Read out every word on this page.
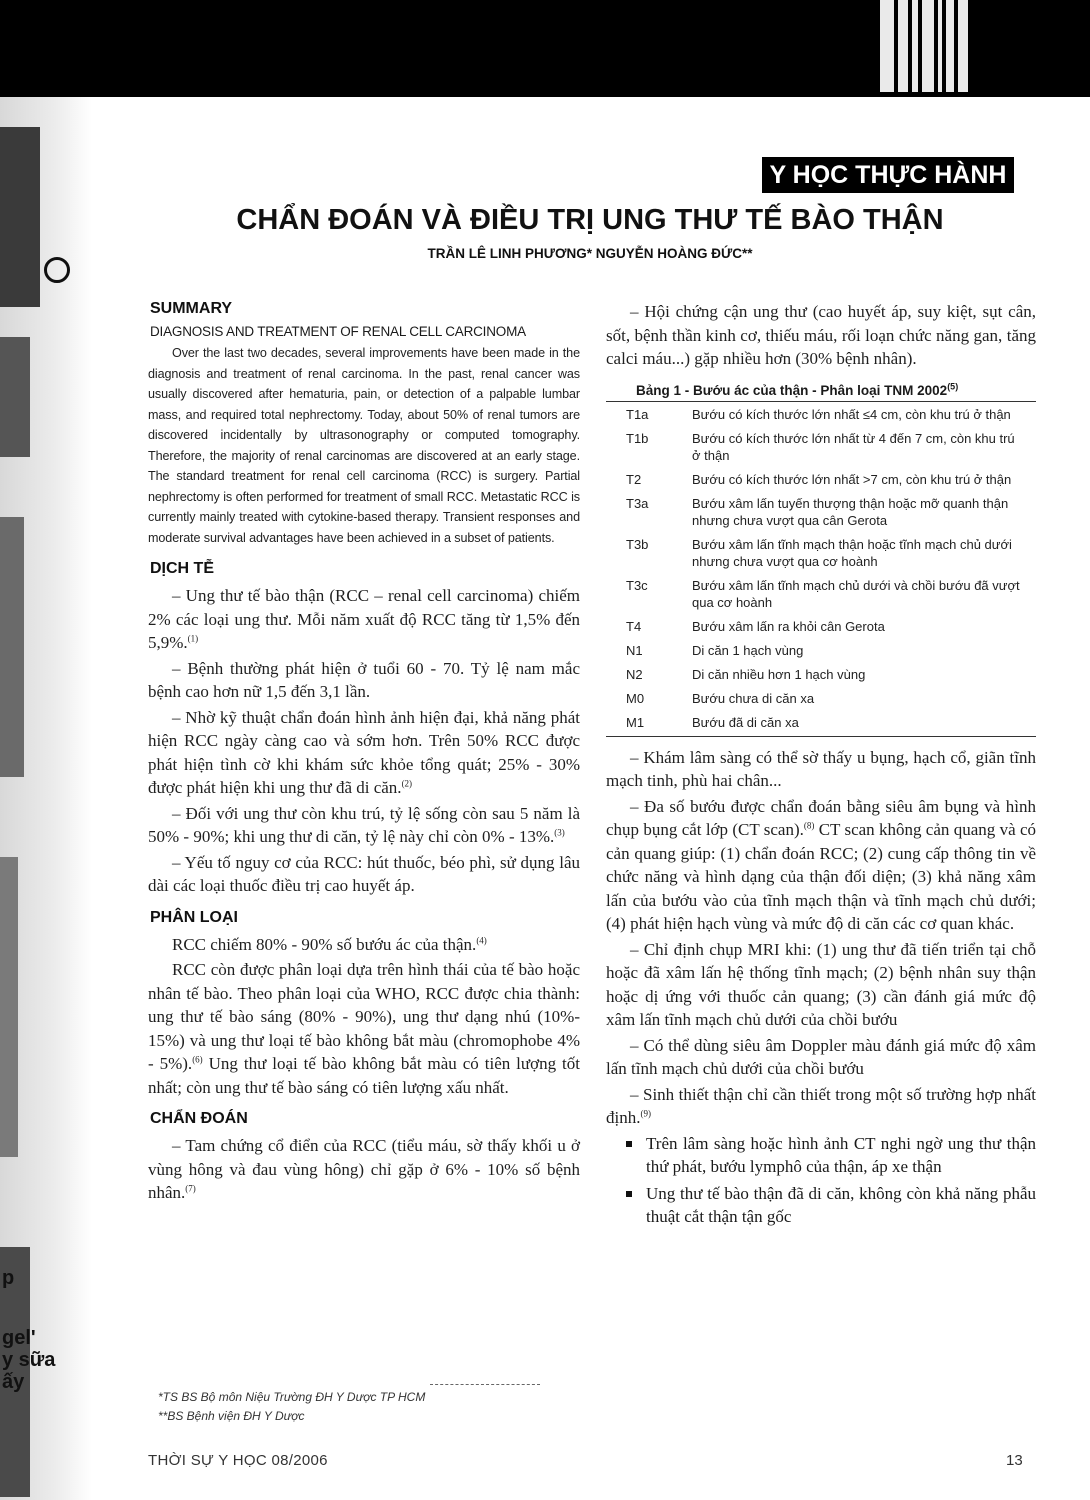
p
gel'
y sữa
ấy
Y HỌC THỰC HÀNH
CHẨN ĐOÁN VÀ ĐIỀU TRỊ UNG THƯ TẾ BÀO THẬN
TRẦN LÊ LINH PHƯƠNG* NGUYỄN HOÀNG ĐỨC**
SUMMARY
DIAGNOSIS AND TREATMENT OF RENAL CELL CARCINOMA

Over the last two decades, several improvements have been made in the diagnosis and treatment of renal carcinoma. In the past, renal cancer was usually discovered after hematuria, pain, or detection of a palpable lumbar mass, and required total nephrectomy. Today, about 50% of renal tumors are discovered incidentally by ultrasonography or computed tomography. Therefore, the majority of renal carcinomas are discovered at an early stage. The standard treatment for renal cell carcinoma (RCC) is surgery. Partial nephrectomy is often performed for treatment of small RCC. Metastatic RCC is currently mainly treated with cytokine-based therapy. Transient responses and moderate survival advantages have been achieved in a subset of patients.

DỊCH TỄ

– Ung thư tế bào thận (RCC – renal cell carcinoma) chiếm 2% các loại ung thư. Mỗi năm xuất độ RCC tăng từ 1,5% đến 5,9%.$^{(1)}$

– Bệnh thường phát hiện ở tuổi 60 - 70. Tỷ lệ nam mắc bệnh cao hơn nữ 1,5 đến 3,1 lần.

– Nhờ kỹ thuật chẩn đoán hình ảnh hiện đại, khả năng phát hiện RCC ngày càng cao và sớm hơn. Trên 50% RCC được phát hiện tình cờ khi khám sức khỏe tổng quát; 25% - 30% được phát hiện khi ung thư đã di căn.$^{(2)}$

– Đối với ung thư còn khu trú, tỷ lệ sống còn sau 5 năm là 50% - 90%; khi ung thư di căn, tỷ lệ này chỉ còn 0% - 13%.$^{(3)}$

– Yếu tố nguy cơ của RCC: hút thuốc, béo phì, sử dụng lâu dài các loại thuốc điều trị cao huyết áp.

PHÂN LOẠI

RCC chiếm 80% - 90% số bướu ác của thận.$^{(4)}$

RCC còn được phân loại dựa trên hình thái của tế bào hoặc nhân tế bào. Theo phân loại của WHO, RCC được chia thành: ung thư tế bào sáng (80% - 90%), ung thư dạng nhú (10%- 15%) và ung thư loại tế bào không bắt màu (chromophobe 4% - 5%).$^{(6)}$ Ung thư loại tế bào không bắt màu có tiên lượng tốt nhất; còn ung thư tế bào sáng có tiên lượng xấu nhất.

CHẨN ĐOÁN

– Tam chứng cổ điển của RCC (tiểu máu, sờ thấy khối u ở vùng hông và đau vùng hông) chỉ gặp ở 6% - 10% số bệnh nhân.$^{(7)}$

– Hội chứng cận ung thư (cao huyết áp, suy kiệt, sụt cân, sốt, bệnh thần kinh cơ, thiếu máu, rối loạn chức năng gan, tăng calci máu...) gặp nhiều hơn (30% bệnh nhân).

Bảng 1 - Bướu ác của thận - Phân loại TNM 2002$^{(5)}$

T1a	Bướu có kích thước lớn nhất ≤4 cm, còn khu trú ở thận
T1b	Bướu có kích thước lớn nhất từ 4 đến 7 cm, còn khu trú ở thận
T2	Bướu có kích thước lớn nhất >7 cm, còn khu trú ở thận
T3a	Bướu xâm lấn tuyến thượng thận hoặc mỡ quanh thận nhưng chưa vượt qua cân Gerota
T3b	Bướu xâm lấn tĩnh mạch thận hoặc tĩnh mạch chủ dưới nhưng chưa vượt qua cơ hoành
T3c	Bướu xâm lấn tĩnh mạch chủ dưới và chồi bướu đã vượt qua cơ hoành
T4	Bướu xâm lấn ra khỏi cân Gerota
N1	Di căn 1 hạch vùng
N2	Di căn nhiều hơn 1 hạch vùng
M0	Bướu chưa di căn xa
M1	Bướu đã di căn xa

– Khám lâm sàng có thể sờ thấy u bụng, hạch cổ, giãn tĩnh mạch tinh, phù hai chân...

– Đa số bướu được chẩn đoán bằng siêu âm bụng và hình chụp bụng cắt lớp (CT scan).$^{(8)}$ CT scan không cản quang và có cản quang giúp: (1) chẩn đoán RCC; (2) cung cấp thông tin về chức năng và hình dạng của thận đối diện; (3) khả năng xâm lấn của bướu vào của tĩnh mạch thận và tĩnh mạch chủ dưới; (4) phát hiện hạch vùng và mức độ di căn các cơ quan khác.

– Chỉ định chụp MRI khi: (1) ung thư đã tiến triển tại chỗ hoặc đã xâm lấn hệ thống tĩnh mạch; (2) bệnh nhân suy thận hoặc dị ứng với thuốc cản quang; (3) cần đánh giá mức độ xâm lấn tĩnh mạch chủ dưới của chồi bướu

– Có thể dùng siêu âm Doppler màu đánh giá mức độ xâm lấn tĩnh mạch chủ dưới của chồi bướu

– Sinh thiết thận chỉ cần thiết trong một số trường hợp nhất định.$^{(9)}$

Trên lâm sàng hoặc hình ảnh CT nghi ngờ ung thư thận thứ phát, bướu lymphô của thận, áp xe thận
Ung thư tế bào thận đã di căn, không còn khả năng phẫu thuật cắt thận tận gốc
*TS BS Bộ môn Niệu Trường ĐH Y Dược TP HCM
**BS Bệnh viện ĐH Y Dược
THỜI SỰ Y HỌC 08/2006	13
